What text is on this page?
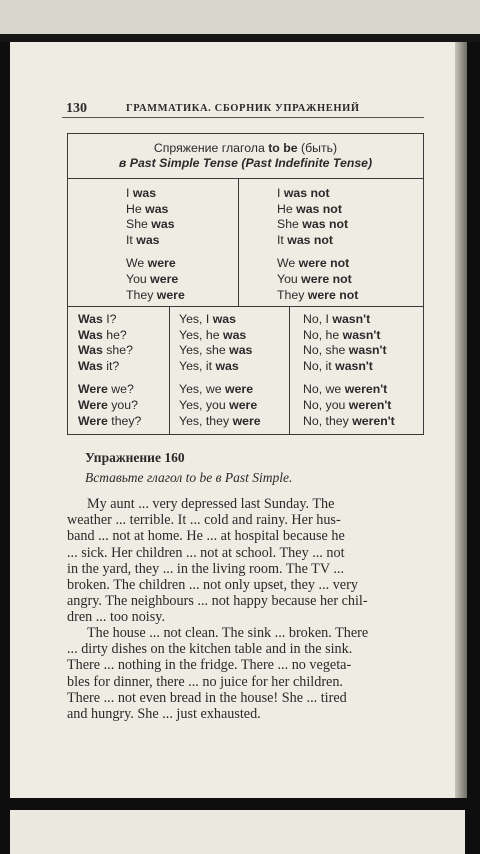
130	ГРАММАТИКА. СБОРНИК УПРАЖНЕНИЙ
Спряжение глагола to be (быть)
в Past Simple Tense (Past Indefinite Tense)
I was
He was
She was
It was
We were
You were
They were
I was not
He was not
She was not
It was not
We were not
You were not
They were not
Was I?
Was he?
Was she?
Was it?
Were we?
Were you?
Were they?
Yes, I was
Yes, he was
Yes, she was
Yes, it was
Yes, we were
Yes, you were
Yes, they were
No, I wasn't
No, he wasn't
No, she wasn't
No, it wasn't
No, we weren't
No, you weren't
No, they weren't
Упражнение 160
Вставьте глагол to be в Past Simple.
My aunt ... very depressed last Sunday. The
weather ... terrible. It ... cold and rainy. Her hus-
band ... not at home. He ... at hospital because he
... sick. Her children ... not at school. They ... not
in the yard, they ... in the living room. The TV ...
broken. The children ... not only upset, they ... very
angry. The neighbours ... not happy because her chil-
dren ... too noisy.
The house ... not clean. The sink ... broken. There
... dirty dishes on the kitchen table and in the sink.
There ... nothing in the fridge. There ... no vegeta-
bles for dinner, there ... no juice for her children.
There ... not even bread in the house! She ... tired
and hungry. She ... just exhausted.
